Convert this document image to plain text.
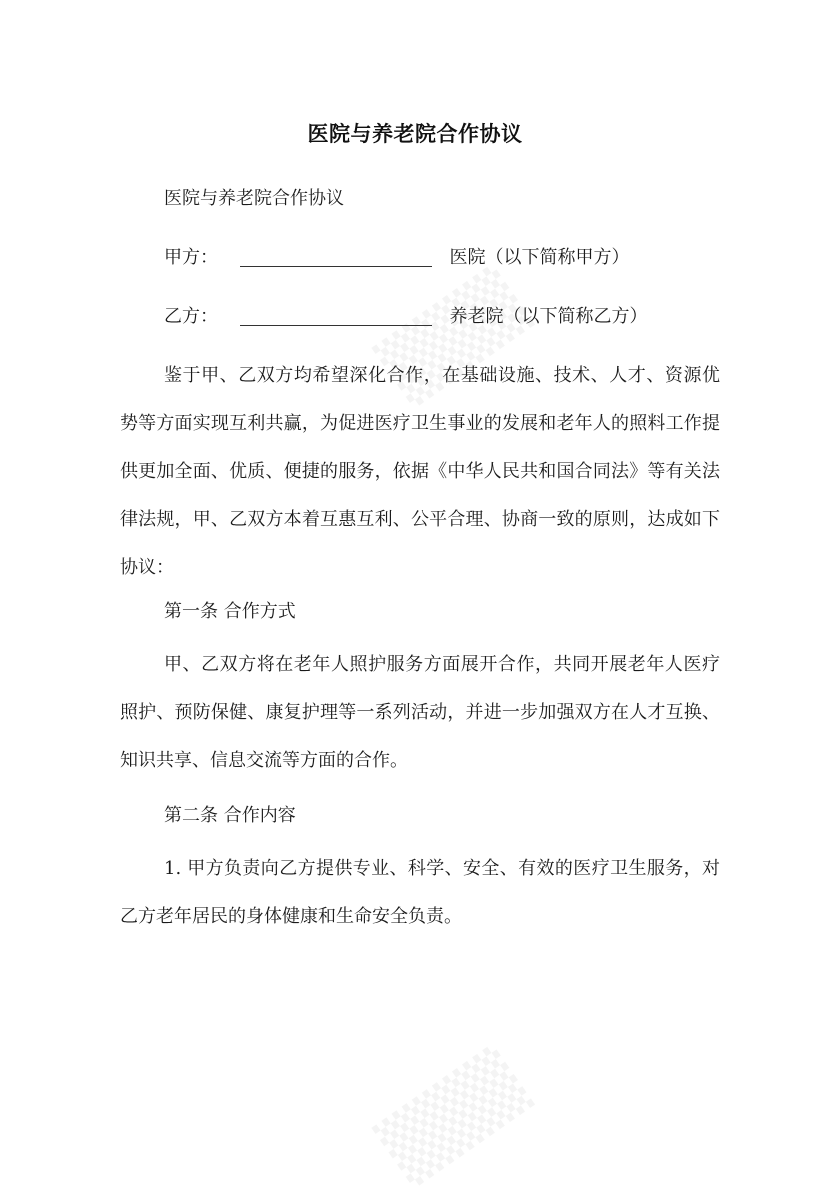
医院与养老院合作协议
医院与养老院合作协议
甲方：	医院（以下简称甲方）
乙方：	养老院（以下简称乙方）

鉴于甲、乙双方均希望深化合作，在基础设施、技术、人才、资源优势等方面实现互利共赢，为促进医疗卫生事业的发展和老年人的照料工作提供更加全面、优质、便捷的服务，依据《中华人民共和国合同法》等有关法律法规，甲、乙双方本着互惠互利、公平合理、协商一致的原则，达成如下协议：

第一条 合作方式

甲、乙双方将在老年人照护服务方面展开合作，共同开展老年人医疗照护、预防保健、康复护理等一系列活动，并进一步加强双方在人才互换、知识共享、信息交流等方面的合作。

第二条 合作内容

1. 甲方负责向乙方提供专业、科学、安全、有效的医疗卫生服务，对乙方老年居民的身体健康和生命安全负责。
